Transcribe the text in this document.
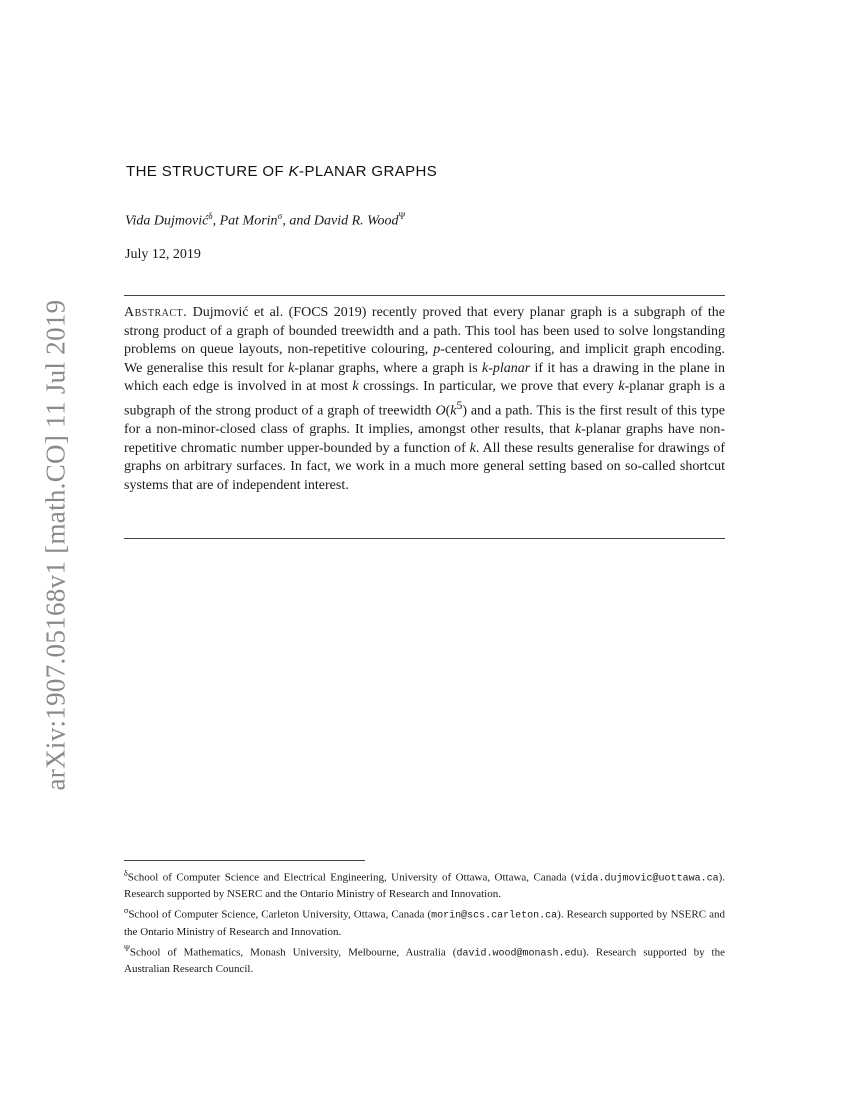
arXiv:1907.05168v1 [math.CO] 11 Jul 2019
THE STRUCTURE OF K-PLANAR GRAPHS
Vida Dujmović$^\delta$, Pat Morin$^\sigma$, and David R. Wood$^\Psi$
July 12, 2019
Abstract. Dujmović et al. (FOCS 2019) recently proved that every planar graph is a subgraph of the strong product of a graph of bounded treewidth and a path. This tool has been used to solve longstanding problems on queue layouts, non-repetitive colouring, p-centered colouring, and implicit graph encoding. We generalise this result for k-planar graphs, where a graph is k-planar if it has a drawing in the plane in which each edge is involved in at most k crossings. In particular, we prove that every k-planar graph is a subgraph of the strong product of a graph of treewidth $O(k^5)$ and a path. This is the first result of this type for a non-minor-closed class of graphs. It implies, amongst other results, that k-planar graphs have non-repetitive chromatic number upper-bounded by a function of k. All these results generalise for drawings of graphs on arbitrary surfaces. In fact, we work in a much more general setting based on so-called shortcut systems that are of independent interest.

$^\delta$School of Computer Science and Electrical Engineering, University of Ottawa, Ottawa, Canada (vida.dujmovic@uottawa.ca). Research supported by NSERC and the Ontario Ministry of Research and Innovation.

$^\sigma$School of Computer Science, Carleton University, Ottawa, Canada (morin@scs.carleton.ca). Research supported by NSERC and the Ontario Ministry of Research and Innovation.

$^\Psi$School of Mathematics, Monash University, Melbourne, Australia (david.wood@monash.edu). Research supported by the Australian Research Council.
